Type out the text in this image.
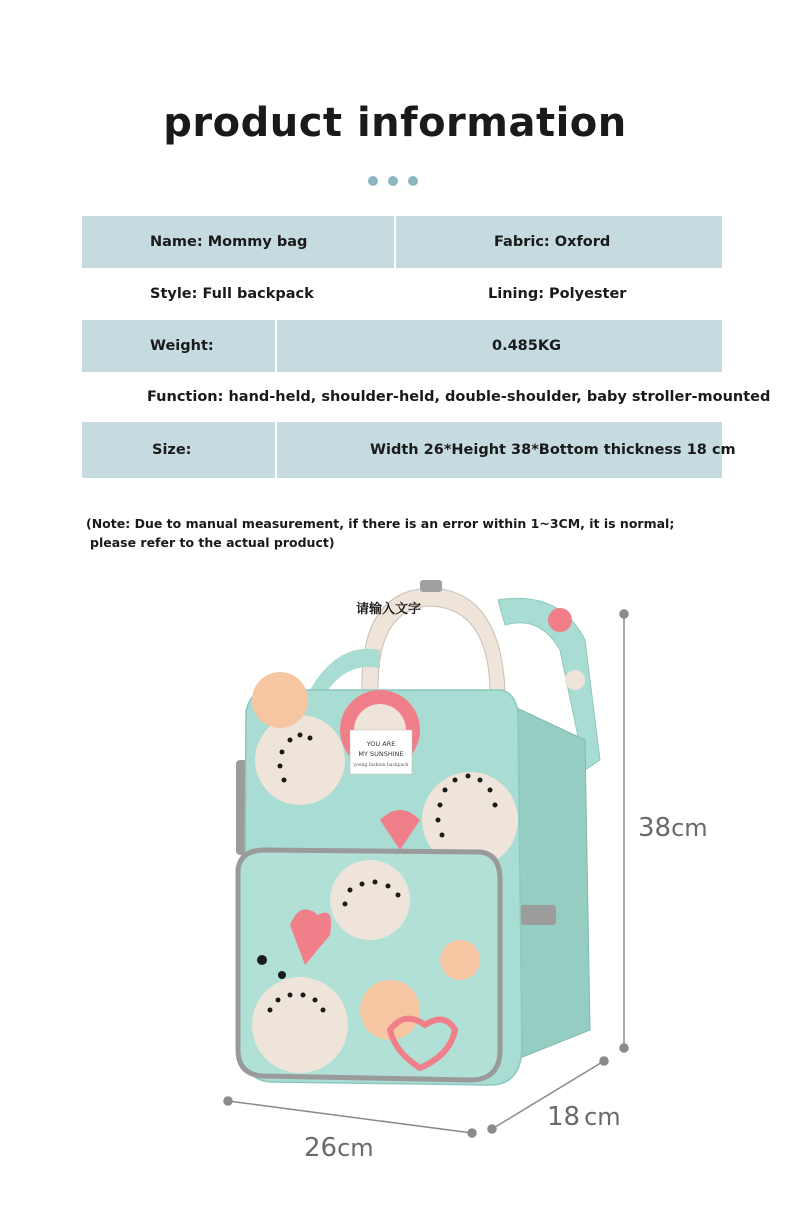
product information
Name: Mommy bag	Fabric: Oxford
Style: Full backpack	Lining: Polyester
Weight:	0.485KG
Function: hand-held, shoulder-held, double-shoulder, baby stroller-mounted
Size:	Width 26*Height 38*Bottom thickness 18 cm
(Note: Due to manual measurement, if there is an error within 1~3CM, it is normal;
please refer to the actual product)
YOU ARE
MY SUNSHINE
young fashion backpack
请输入文字
38cm
18 cm
26cm
